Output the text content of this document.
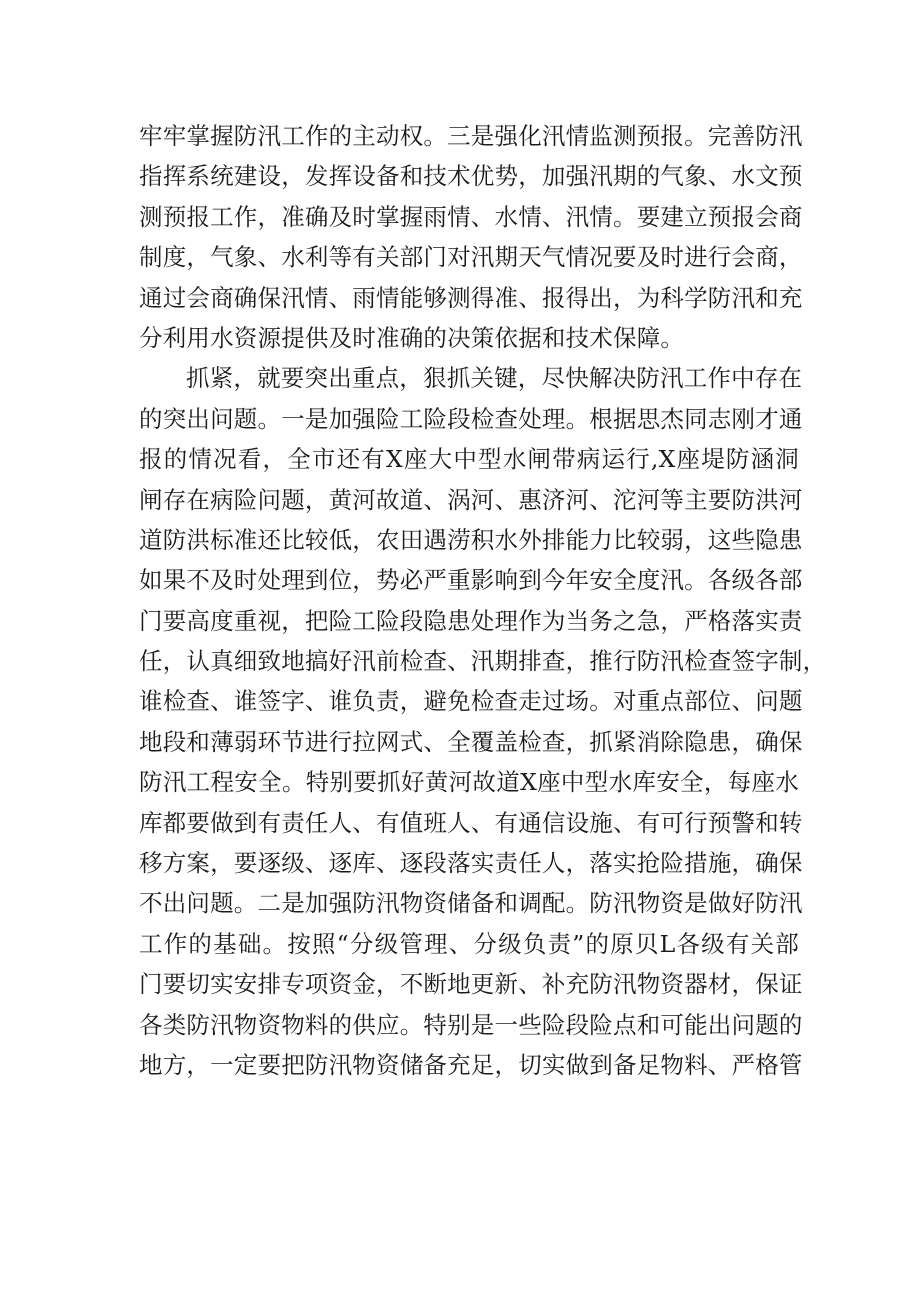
牢牢掌握防汛工作的主动权。三是强化汛情监测预报。完善防汛
指挥系统建设，发挥设备和技术优势，加强汛期的气象、水文预
测预报工作，准确及时掌握雨情、水情、汛情。要建立预报会商
制度，气象、水利等有关部门对汛期天气情况要及时进行会商，
通过会商确保汛情、雨情能够测得准、报得出，为科学防汛和充
分利用水资源提供及时准确的决策依据和技术保障。
抓紧，就要突出重点，狠抓关键，尽快解决防汛工作中存在
的突出问题。一是加强险工险段检查处理。根据思杰同志刚才通
报的情况看，全市还有X座大中型水闸带病运行,X座堤防涵洞
闸存在病险问题，黄河故道、涡河、惠济河、沱河等主要防洪河
道防洪标准还比较低，农田遇涝积水外排能力比较弱，这些隐患
如果不及时处理到位，势必严重影响到今年安全度汛。各级各部
门要高度重视，把险工险段隐患处理作为当务之急，严格落实责
任，认真细致地搞好汛前检查、汛期排查，推行防汛检查签字制，
谁检查、谁签字、谁负责，避免检查走过场。对重点部位、问题
地段和薄弱环节进行拉网式、全覆盖检查，抓紧消除隐患，确保
防汛工程安全。特别要抓好黄河故道X座中型水库安全，每座水
库都要做到有责任人、有值班人、有通信设施、有可行预警和转
移方案，要逐级、逐库、逐段落实责任人，落实抢险措施，确保
不出问题。二是加强防汛物资储备和调配。防汛物资是做好防汛
工作的基础。按照“分级管理、分级负责”的原贝L各级有关部
门要切实安排专项资金，不断地更新、补充防汛物资器材，保证
各类防汛物资物料的供应。特别是一些险段险点和可能出问题的
地方，一定要把防汛物资储备充足，切实做到备足物料、严格管
